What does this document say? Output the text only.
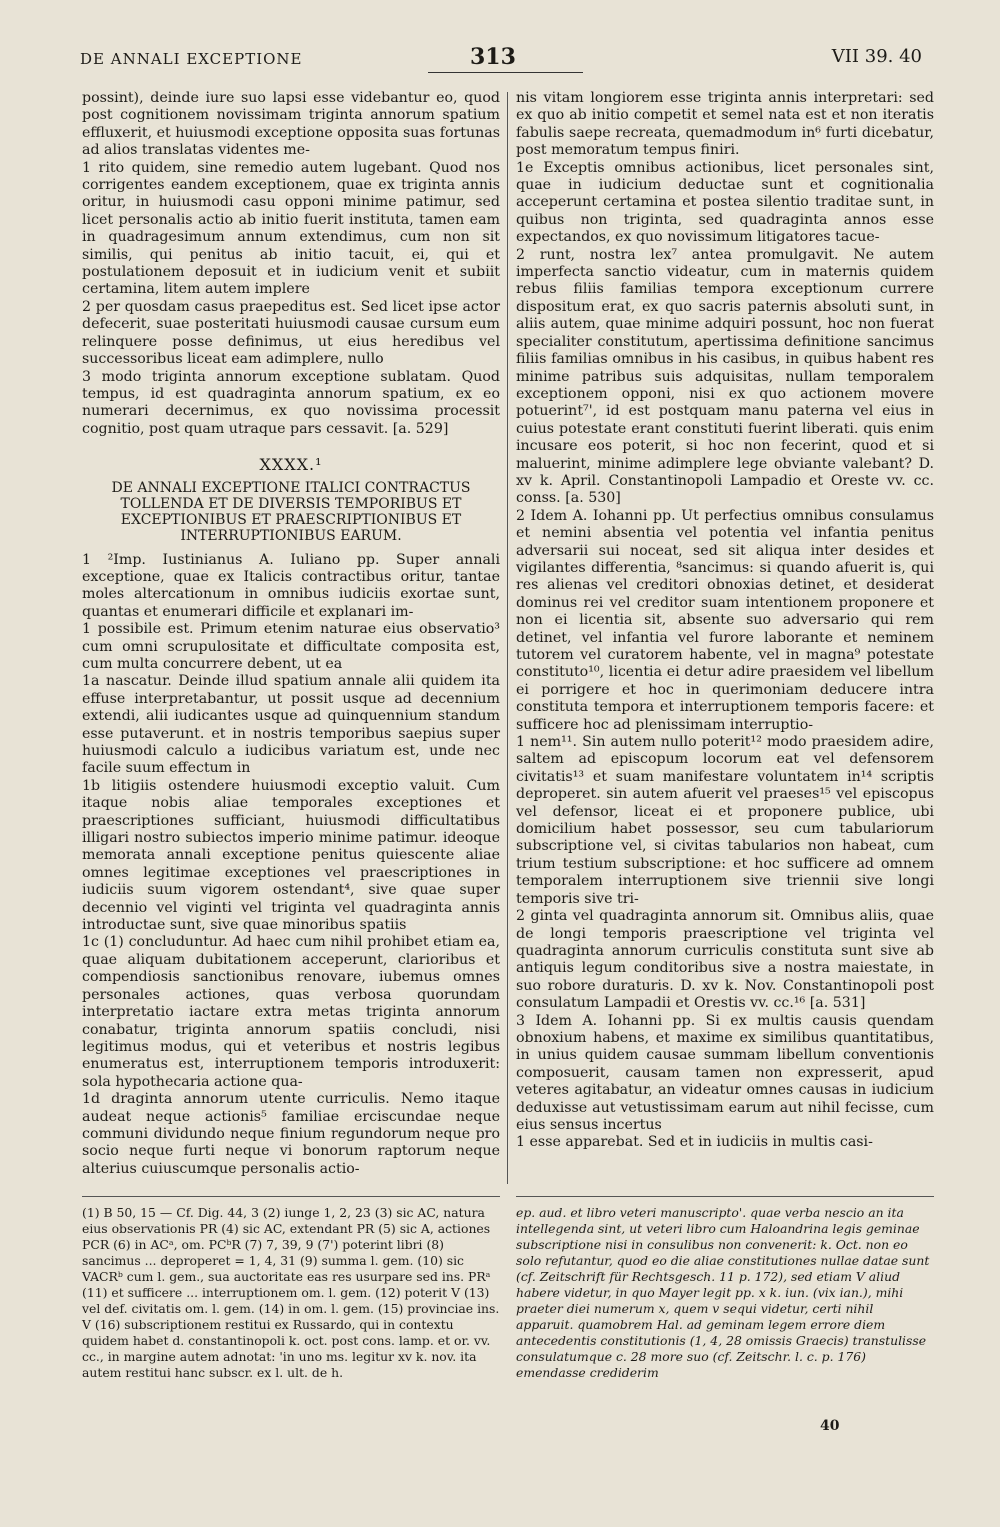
DE ANNALI EXCEPTIONE	313	VII 39. 40

possint), deinde iure suo lapsi esse videbantur eo, quod post cognitionem novissimam triginta annorum spatium effluxerit, et huiusmodi exceptione opposita suas fortunas ad alios translatas videntes me-

1 rito quidem, sine remedio autem lugebant. Quod nos corrigentes eandem exceptionem, quae ex triginta annis oritur, in huiusmodi casu opponi minime patimur, sed licet personalis actio ab initio fuerit instituta, tamen eam in quadragesimum annum extendimus, cum non sit similis, qui penitus ab initio tacuit, ei, qui et postulationem deposuit et in iudicium venit et subiit certamina, litem autem implere

2 per quosdam casus praepeditus est. Sed licet ipse actor defecerit, suae posteritati huiusmodi causae cursum eum relinquere posse definimus, ut eius heredibus vel successoribus liceat eam adimplere, nullo

3 modo triginta annorum exceptione sublatam. Quod tempus, id est quadraginta annorum spatium, ex eo numerari decernimus, ex quo novissima processit cognitio, post quam utraque pars cessavit. [a. 529]

XXXX.¹
DE ANNALI EXCEPTIONE ITALICI CONTRACTUS TOLLENDA ET DE DIVERSIS TEMPORIBUS ET EXCEPTIONIBUS ET PRAESCRIPTIONIBUS ET INTERRUPTIONIBUS EARUM.

1 ²Imp. Iustinianus A. Iuliano pp. Super annali exceptione, quae ex Italicis contractibus oritur, tantae moles altercationum in omnibus iudiciis exortae sunt, quantas et enumerari difficile et explanari im-

1 possibile est. Primum etenim naturae eius observatio³ cum omni scrupulositate et difficultate composita est, cum multa concurrere debent, ut ea

1a nascatur. Deinde illud spatium annale alii quidem ita effuse interpretabantur, ut possit usque ad decennium extendi, alii iudicantes usque ad quinquennium standum esse putaverunt. et in nostris temporibus saepius super huiusmodi calculo a iudicibus variatum est, unde nec facile suum effectum in

1b litigiis ostendere huiusmodi exceptio valuit. Cum itaque nobis aliae temporales exceptiones et praescriptiones sufficiant, huiusmodi difficultatibus illigari nostro subiectos imperio minime patimur. ideoque memorata annali exceptione penitus quiescente aliae omnes legitimae exceptiones vel praescriptiones in iudiciis suum vigorem ostendant⁴, sive quae super decennio vel viginti vel triginta vel quadraginta annis introductae sunt, sive quae minoribus spatiis

1c (1) concluduntur. Ad haec cum nihil prohibet etiam ea, quae aliquam dubitationem acceperunt, clarioribus et compendiosis sanctionibus renovare, iubemus omnes personales actiones, quas verbosa quorundam interpretatio iactare extra metas triginta annorum conabatur, triginta annorum spatiis concludi, nisi legitimus modus, qui et veteribus et nostris legibus enumeratus est, interruptionem temporis introduxerit: sola hypothecaria actione qua-

1d draginta annorum utente curriculis. Nemo itaque audeat neque actionis⁵ familiae erciscundae neque communi dividundo neque finium regundorum neque pro socio neque furti neque vi bonorum raptorum neque alterius cuiuscumque personalis actio-

nis vitam longiorem esse triginta annis interpretari: sed ex quo ab initio competit et semel nata est et non iteratis fabulis saepe recreata, quemadmodum in⁶ furti dicebatur, post memoratum tempus finiri.

1e Exceptis omnibus actionibus, licet personales sint, quae in iudicium deductae sunt et cognitionalia acceperunt certamina et postea silentio traditae sunt, in quibus non triginta, sed quadraginta annos esse expectandos, ex quo novissimum litigatores tacue-

2 runt, nostra lex⁷ antea promulgavit. Ne autem imperfecta sanctio videatur, cum in maternis quidem rebus filiis familias tempora exceptionum currere dispositum erat, ex quo sacris paternis absoluti sunt, in aliis autem, quae minime adquiri possunt, hoc non fuerat specialiter constitutum, apertissima definitione sancimus filiis familias omnibus in his casibus, in quibus habent res minime patribus suis adquisitas, nullam temporalem exceptionem opponi, nisi ex quo actionem movere potuerint⁷', id est postquam manu paterna vel eius in cuius potestate erant constituti fuerint liberati. quis enim incusare eos poterit, si hoc non fecerint, quod et si maluerint, minime adimplere lege obviante valebant? D. xv k. April. Constantinopoli Lampadio et Oreste vv. cc. conss. [a. 530]

2 Idem A. Iohanni pp. Ut perfectius omnibus consulamus et nemini absentia vel potentia vel infantia penitus adversarii sui noceat, sed sit aliqua inter desides et vigilantes differentia, ⁸sancimus: si quando afuerit is, qui res alienas vel creditori obnoxias detinet, et desiderat dominus rei vel creditor suam intentionem proponere et non ei licentia sit, absente suo adversario qui rem detinet, vel infantia vel furore laborante et neminem tutorem vel curatorem habente, vel in magna⁹ potestate constituto¹⁰, licentia ei detur adire praesidem vel libellum ei porrigere et hoc in querimoniam deducere intra constituta tempora et interruptionem temporis facere: et sufficere hoc ad plenissimam interruptio-

1 nem¹¹. Sin autem nullo poterit¹² modo praesidem adire, saltem ad episcopum locorum eat vel defensorem civitatis¹³ et suam manifestare voluntatem in¹⁴ scriptis deproperet. sin autem afuerit vel praeses¹⁵ vel episcopus vel defensor, liceat ei et proponere publice, ubi domicilium habet possessor, seu cum tabulariorum subscriptione vel, si civitas tabularios non habeat, cum trium testium subscriptione: et hoc sufficere ad omnem temporalem interruptionem sive triennii sive longi temporis sive tri-

2 ginta vel quadraginta annorum sit. Omnibus aliis, quae de longi temporis praescriptione vel triginta vel quadraginta annorum curriculis constituta sunt sive ab antiquis legum conditoribus sive a nostra maiestate, in suo robore duraturis. D. xv k. Nov. Constantinopoli post consulatum Lampadii et Orestis vv. cc.¹⁶ [a. 531]

3 Idem A. Iohanni pp. Si ex multis causis quendam obnoxium habens, et maxime ex similibus quantitatibus, in unius quidem causae summam libellum conventionis composuerit, causam tamen non expresserit, apud veteres agitabatur, an videatur omnes causas in iudicium deduxisse aut vetustissimam earum aut nihil fecisse, cum eius sensus incertus

1 esse apparebat. Sed et in iudiciis in multis casi-

(1) B 50, 15 — Cf. Dig. 44, 3 (2) iunge 1, 2, 23 (3) sic AC, natura eius observationis PR (4) sic AC, extendant PR (5) sic A, actiones PCR (6) in ACᵃ, om. PCᵇR (7) 7, 39, 9 (7') poterint libri (8) sancimus ... deproperet = 1, 4, 31 (9) summa l. gem. (10) sic VACRᵇ cum l. gem., sua auctoritate eas res usurpare sed ins. PRᵃ (11) et sufficere ... interruptionem om. l. gem. (12) poterit V (13) vel def. civitatis om. l. gem. (14) in om. l. gem. (15) provinciae ins. V (16) subscriptionem restitui ex Russardo, qui in contextu quidem habet d. constantinopoli k. oct. post cons. lamp. et or. vv. cc., in margine autem adnotat: 'in uno ms. legitur xv k. nov. ita autem restitui hanc subscr. ex l. ult. de h.
ep. aud. et libro veteri manuscripto'. quae verba nescio an ita intellegenda sint, ut veteri libro cum Haloandrina legis geminae subscriptione nisi in consulibus non convenerit: k. Oct. non eo solo refutantur, quod eo die aliae constitutiones nullae datae sunt (cf. Zeitschrift für Rechtsgesch. 11 p. 172), sed etiam V aliud habere videtur, in quo Mayer legit pp. x k. iun. (vix ian.), mihi praeter diei numerum x, quem v sequi videtur, certi nihil apparuit. quamobrem Hal. ad geminam legem errore diem antecedentis constitutionis (1, 4, 28 omissis Graecis) transtulisse consulatumque c. 28 more suo (cf. Zeitschr. l. c. p. 176) emendasse crediderim
40
